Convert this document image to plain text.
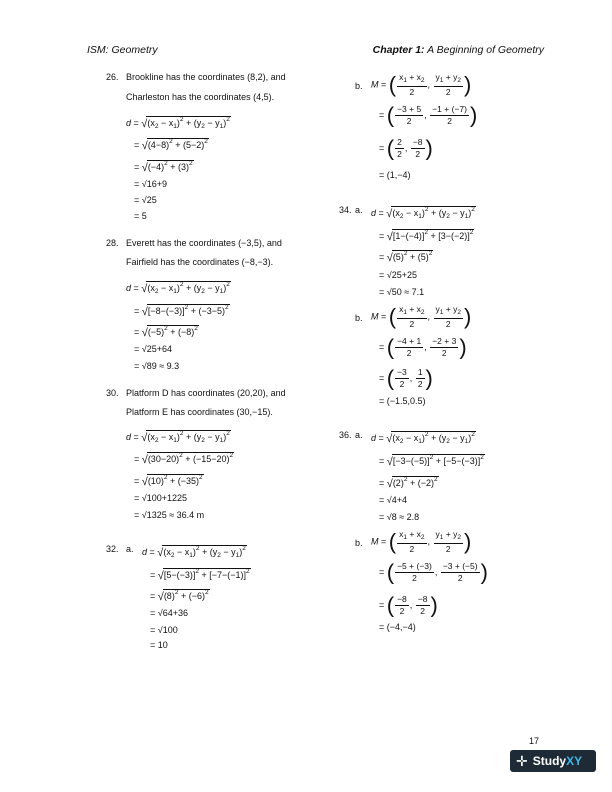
ISM: Geometry	Chapter 1: A Beginning of Geometry
26. Brookline has the coordinates (8,2), and
Charleston has the coordinates (4,5).
$d = √(x_2 - x_1)^2 + (y_2 - y_1)^2$
= $√(4-8)^2 + (5-2)^2$
= $√(-4)^2 + (3)^2$
= √16+9
= √25
= 5
28. Everett has the coordinates (−3,5), and
Fairfield has the coordinates (−8,−3).
$d = √(x_2 - x_1)^2 + (y_2 - y_1)^2$
= $√[-8-(-3)]^2 + (-3-5)^2$
= $√(-5)^2 + (-8)^2$
= √25+64
= √89 ≈ 9.3
30. Platform D has coordinates (20,20), and
Platform E has coordinates (30,−15).
$d = √(x_2 - x_1)^2 + (y_2 - y_1)^2$
= $√(30-20)^2 + (-15-20)^2$
= $√(10)^2 + (-35)^2$
= √100+1225
= √1325 ≈ 36.4 m
32. a. $d = √(x_2 - x_1)^2 + (y_2 - y_1)^2$
= $√[5-(-3)]^2 + [-7-(-1)]^2$
= $√(8)^2 + (-6)^2$
= √64+36
= √100
= 10
b. M = ( $\frac{x_1 + x_2}{2}$ , $\frac{y_1 + y_2}{2}$ )
= ( $\frac{-3 + 5}{2}$ , $\frac{-1 + (-7)}{2}$ )
= ( $\frac{2}{2}$ , $\frac{-8}{2}$ )
= (1,−4)
34. a. $d = √(x_2 - x_1)^2 + (y_2 - y_1)^2$
= $√[1-(-4)]^2 + [3-(-2)]^2$
= $√(5)^2 + (5)^2$
= √25+25
= √50 ≈ 7.1
b. M = ( $\frac{x_1 + x_2}{2}$ , $\frac{y_1 + y_2}{2}$ )
= ( $\frac{-4 + 1}{2}$ , $\frac{-2 + 3}{2}$ )
= ( $\frac{-3}{2}$ , $\frac{1}{2}$ )
= (−1.5,0.5)
36. a. $d = √(x_2 - x_1)^2 + (y_2 - y_1)^2$
= $√[-3-(-5)]^2 + [-5-(-3)]^2$
= $√(2)^2 + (-2)^2$
= √4+4
= √8 ≈ 2.8
b. M = ( $\frac{x_1 + x_2}{2}$ , $\frac{y_1 + y_2}{2}$ )
= ( $\frac{-5 + (-3)}{2}$ , $\frac{-3 + (-5)}{2}$ )
= ( $\frac{-8}{2}$ , $\frac{-8}{2}$ )
= (−4,−4)
17
✛ Study XY
